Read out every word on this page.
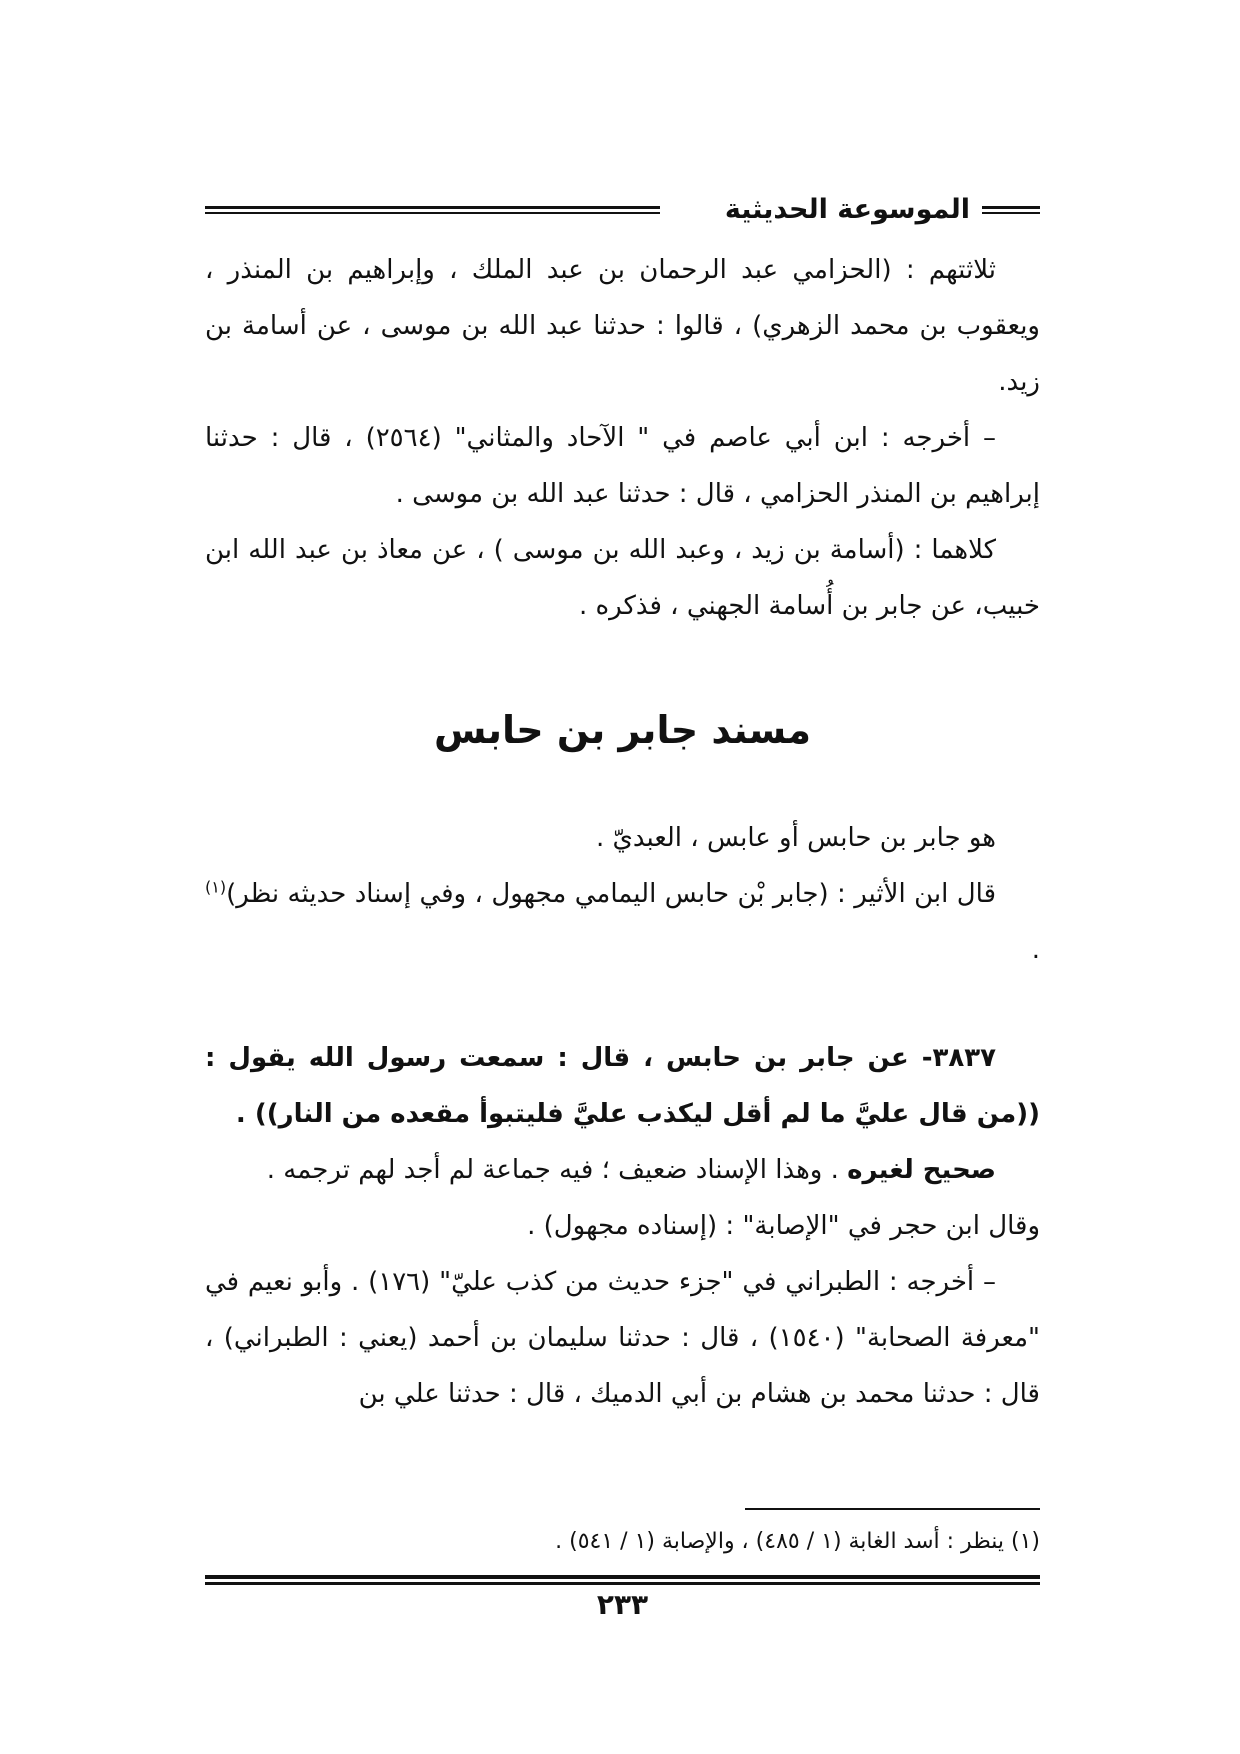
الموسوعة الحديثية

ثلاثتهم : (الحزامي عبد الرحمان بن عبد الملك ، وإبراهيم بن المنذر ، ويعقوب بن محمد الزهري) ، قالوا : حدثنا عبد الله بن موسى ، عن أسامة بن زيد.

– أخرجه : ابن أبي عاصم في " الآحاد والمثاني" (٢٥٦٤) ، قال : حدثنا إبراهيم بن المنذر الحزامي ، قال : حدثنا عبد الله بن موسى .

كلاهما : (أسامة بن زيد ، وعبد الله بن موسى ) ، عن معاذ بن عبد الله ابن خبيب، عن جابر بن أُسامة الجهني ، فذكره .

مسند جابر بن حابس

هو جابر بن حابس أو عابس ، العبديّ .

قال ابن الأثير : (جابر بْن حابس اليمامي مجهول ، وفي إسناد حديثه نظر)$^{(١)}$ .

٣٨٣٧- عن جابر بن حابس ، قال : سمعت رسول الله يقول : ((من قال عليَّ ما لم أقل ليكذب عليَّ فليتبوأ مقعده من النار)) .

صحيح لغيره . وهذا الإسناد ضعيف ؛ فيه جماعة لم أجد لهم ترجمه .

وقال ابن حجر في "الإصابة" : (إسناده مجهول) .

– أخرجه : الطبراني في "جزء حديث من كذب عليّ" (١٧٦) . وأبو نعيم في "معرفة الصحابة" (١٥٤٠) ، قال : حدثنا سليمان بن أحمد (يعني : الطبراني) ، قال : حدثنا محمد بن هشام بن أبي الدميك ، قال : حدثنا علي بن

(١) ينظر : أسد الغابة (١ / ٤٨٥) ، والإصابة (١ / ٥٤١) .
٢٣٣
